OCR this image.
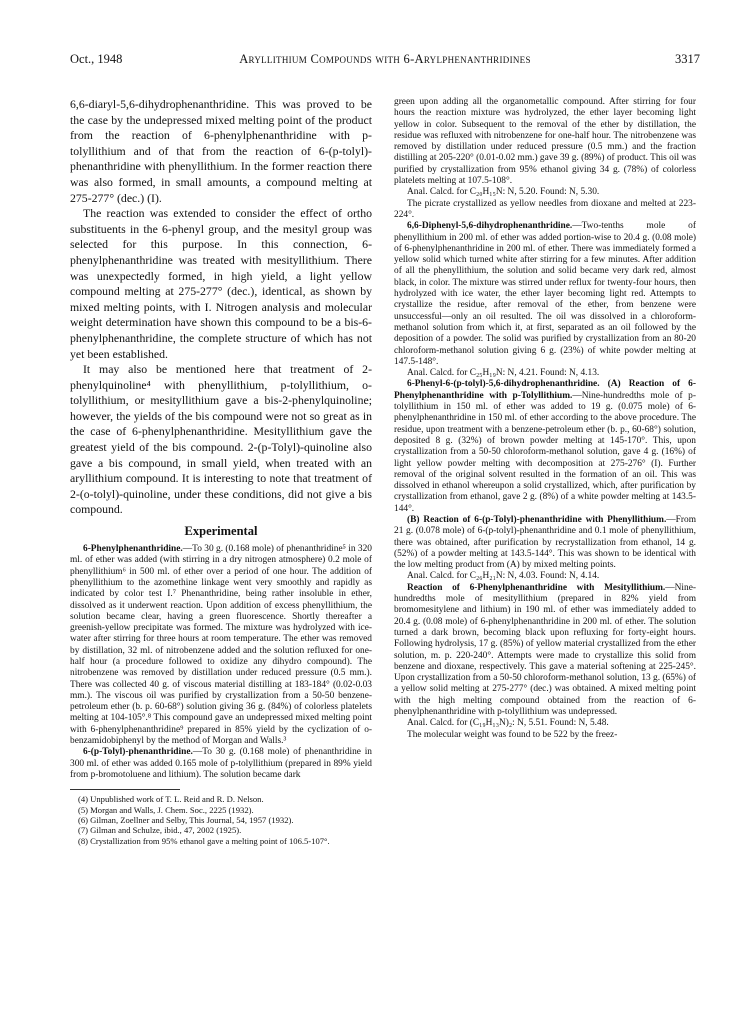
Oct., 1948	Aryllithium Compounds with 6-Arylphenanthridines	3317

6,6-diaryl-5,6-dihydrophenanthridine. This was proved to be the case by the undepressed mixed melting point of the product from the reaction of 6-phenylphenanthridine with p-tolyllithium and of that from the reaction of 6-(p-tolyl)-phenanthridine with phenyllithium. In the former reaction there was also formed, in small amounts, a compound melting at 275-277° (dec.) (I).

The reaction was extended to consider the effect of ortho substituents in the 6-phenyl group, and the mesityl group was selected for this purpose. In this connection, 6-phenylphenanthridine was treated with mesityllithium. There was unexpectedly formed, in high yield, a light yellow compound melting at 275-277° (dec.), identical, as shown by mixed melting points, with I. Nitrogen analysis and molecular weight determination have shown this compound to be a bis-6-phenylphenanthridine, the complete structure of which has not yet been established.

It may also be mentioned here that treatment of 2-phenylquinoline⁴ with phenyllithium, p-tolyllithium, o-tolyllithium, or mesityllithium gave a bis-2-phenylquinoline; however, the yields of the bis compound were not so great as in the case of 6-phenylphenanthridine. Mesityllithium gave the greatest yield of the bis compound. 2-(p-Tolyl)-quinoline also gave a bis compound, in small yield, when treated with an aryllithium compound. It is interesting to note that treatment of 2-(o-tolyl)-quinoline, under these conditions, did not give a bis compound.

Experimental

6-Phenylphenanthridine.—To 30 g. (0.168 mole) of phenanthridine⁵ in 320 ml. of ether was added (with stirring in a dry nitrogen atmosphere) 0.2 mole of phenyllithium⁶ in 500 ml. of ether over a period of one hour. The addition of phenyllithium to the azomethine linkage went very smoothly and rapidly as indicated by color test I.⁷ Phenanthridine, being rather insoluble in ether, dissolved as it underwent reaction. Upon addition of excess phenyllithium, the solution became clear, having a green fluorescence. Shortly thereafter a greenish-yellow precipitate was formed. The mixture was hydrolyzed with ice-water after stirring for three hours at room temperature. The ether was removed by distillation, 32 ml. of nitrobenzene added and the solution refluxed for one-half hour (a procedure followed to oxidize any dihydro compound). The nitrobenzene was removed by distillation under reduced pressure (0.5 mm.). There was collected 40 g. of viscous material distilling at 183-184° (0.02-0.03 mm.). The viscous oil was purified by crystallization from a 50-50 benzene-petroleum ether (b. p. 60-68°) solution giving 36 g. (84%) of colorless platelets melting at 104-105°.⁸ This compound gave an undepressed mixed melting point with 6-phenylphenanthridine⁹ prepared in 85% yield by the cyclization of o-benzamidobiphenyl by the method of Morgan and Walls.³

6-(p-Tolyl)-phenanthridine.—To 30 g. (0.168 mole) of phenanthridine in 300 ml. of ether was added 0.165 mole of p-tolyllithium (prepared in 89% yield from p-bromotoluene and lithium). The solution became dark

(4) Unpublished work of T. L. Reid and R. D. Nelson.

(5) Morgan and Walls, J. Chem. Soc., 2225 (1932).

(6) Gilman, Zoellner and Selby, This Journal, 54, 1957 (1932).

(7) Gilman and Schulze, ibid., 47, 2002 (1925).

(8) Crystallization from 95% ethanol gave a melting point of 106.5-107°.

green upon adding all the organometallic compound. After stirring for four hours the reaction mixture was hydrolyzed, the ether layer becoming light yellow in color. Subsequent to the removal of the ether by distillation, the residue was refluxed with nitrobenzene for one-half hour. The nitrobenzene was removed by distillation under reduced pressure (0.5 mm.) and the fraction distilling at 205-220° (0.01-0.02 mm.) gave 39 g. (89%) of product. This oil was purified by crystallization from 95% ethanol giving 34 g. (78%) of colorless platelets melting at 107.5-108°.

Anal. Calcd. for C₂₀H₁₅N: N, 5.20. Found: N, 5.30.

The picrate crystallized as yellow needles from dioxane and melted at 223-224°.

6,6-Diphenyl-5,6-dihydrophenanthridine.—Two-tenths mole of phenyllithium in 200 ml. of ether was added portion-wise to 20.4 g. (0.08 mole) of 6-phenylphenanthridine in 200 ml. of ether. There was immediately formed a yellow solid which turned white after stirring for a few minutes. After addition of all the phenyllithium, the solution and solid became very dark red, almost black, in color. The mixture was stirred under reflux for twenty-four hours, then hydrolyzed with ice water, the ether layer becoming light red. Attempts to crystallize the residue, after removal of the ether, from benzene were unsuccessful—only an oil resulted. The oil was dissolved in a chloroform-methanol solution from which it, at first, separated as an oil followed by the deposition of a powder. The solid was purified by crystallization from an 80-20 chloroform-methanol solution giving 6 g. (23%) of white powder melting at 147.5-148°.

Anal. Calcd. for C₂₅H₁₉N: N, 4.21. Found: N, 4.13.

6-Phenyl-6-(p-tolyl)-5,6-dihydrophenanthridine. (A) Reaction of 6-Phenylphenanthridine with p-Tolyllithium.—Nine-hundredths mole of p-tolyllithium in 150 ml. of ether was added to 19 g. (0.075 mole) of 6-phenylphenanthridine in 150 ml. of ether according to the above procedure. The residue, upon treatment with a benzene-petroleum ether (b. p., 60-68°) solution, deposited 8 g. (32%) of brown powder melting at 145-170°. This, upon crystallization from a 50-50 chloroform-methanol solution, gave 4 g. (16%) of light yellow powder melting with decomposition at 275-276° (I). Further removal of the original solvent resulted in the formation of an oil. This was dissolved in ethanol whereupon a solid crystallized, which, after purification by crystallization from ethanol, gave 2 g. (8%) of a white powder melting at 143.5-144°.

(B) Reaction of 6-(p-Tolyl)-phenanthridine with Phenyllithium.—From 21 g. (0.078 mole) of 6-(p-tolyl)-phenanthridine and 0.1 mole of phenyllithium, there was obtained, after purification by recrystallization from ethanol, 14 g. (52%) of a powder melting at 143.5-144°. This was shown to be identical with the low melting product from (A) by mixed melting points.

Anal. Calcd. for C₂₆H₂₁N: N, 4.03. Found: N, 4.14.

Reaction of 6-Phenylphenanthridine with Mesityllithium.—Nine-hundredths mole of mesityllithium (prepared in 82% yield from bromomesitylene and lithium) in 190 ml. of ether was immediately added to 20.4 g. (0.08 mole) of 6-phenylphenanthridine in 200 ml. of ether. The solution turned a dark brown, becoming black upon refluxing for forty-eight hours. Following hydrolysis, 17 g. (85%) of yellow material crystallized from the ether solution, m. p. 220-240°. Attempts were made to crystallize this solid from benzene and dioxane, respectively. This gave a material softening at 225-245°. Upon crystallization from a 50-50 chloroform-methanol solution, 13 g. (65%) of a yellow solid melting at 275-277° (dec.) was obtained. A mixed melting point with the high melting compound obtained from the reaction of 6-phenylphenanthridine with p-tolyllithium was undepressed.

Anal. Calcd. for (C₁₉H₁₃N)₂: N, 5.51. Found: N, 5.48.

The molecular weight was found to be 522 by the freez-
